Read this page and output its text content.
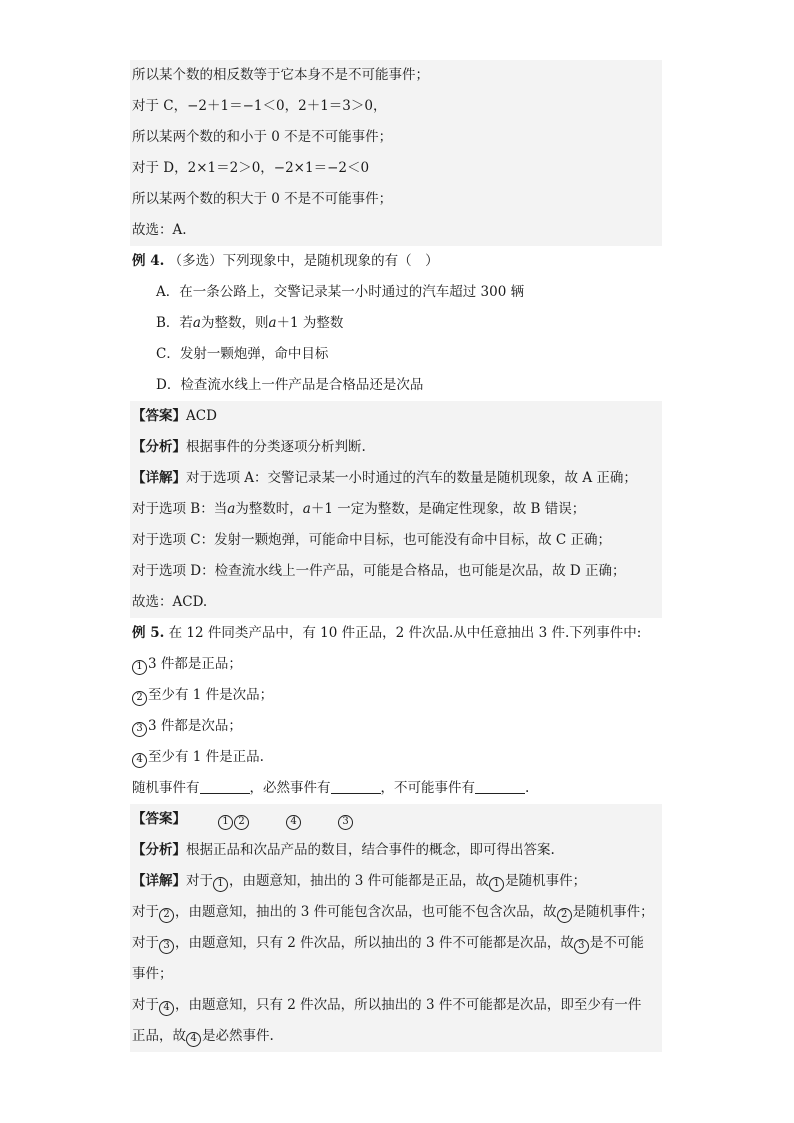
所以某个数的相反数等于它本身不是不可能事件；
对于 C，−2＋1＝−1＜0，2＋1＝3＞0，
所以某两个数的和小于 0 不是不可能事件；
对于 D，2×1＝2＞0，−2×1＝−2＜0
所以某两个数的积大于 0 不是不可能事件；
故选：A.
例 4. （多选）下列现象中，是随机现象的有（　）
A．在一条公路上，交警记录某一小时通过的汽车超过 300 辆
B．若a为整数，则a＋1 为整数
C．发射一颗炮弹，命中目标
D．检查流水线上一件产品是合格品还是次品
【答案】ACD
【分析】根据事件的分类逐项分析判断.
【详解】对于选项 A：交警记录某一小时通过的汽车的数量是随机现象，故 A 正确；
对于选项 B：当a为整数时，a＋1 一定为整数，是确定性现象，故 B 错误；
对于选项 C：发射一颗炮弹，可能命中目标，也可能没有命中目标，故 C 正确；
对于选项 D：检查流水线上一件产品，可能是合格品，也可能是次品，故 D 正确；
故选：ACD.
例 5. 在 12 件同类产品中，有 10 件正品，2 件次品.从中任意抽出 3 件.下列事件中:
1 3 件都是正品；
2 至少有 1 件是次品；
3 3 件都是次品；
4 至少有 1 件是正品.
随机事件有	，必然事件有	，不可能事件有	.
【答案】	1 2	4	3
【分析】根据正品和次品产品的数目，结合事件的概念，即可得出答案.
【详解】对于 1 ，由题意知，抽出的 3 件可能都是正品，故 1 是随机事件；
对于 2 ，由题意知，抽出的 3 件可能包含次品，也可能不包含次品，故 2 是随机事件；
对于 3 ，由题意知，只有 2 件次品，所以抽出的 3 件不可能都是次品，故 3 是不可能
事件；
对于 4 ，由题意知，只有 2 件次品，所以抽出的 3 件不可能都是次品，即至少有一件
正品，故 4 是必然事件.
